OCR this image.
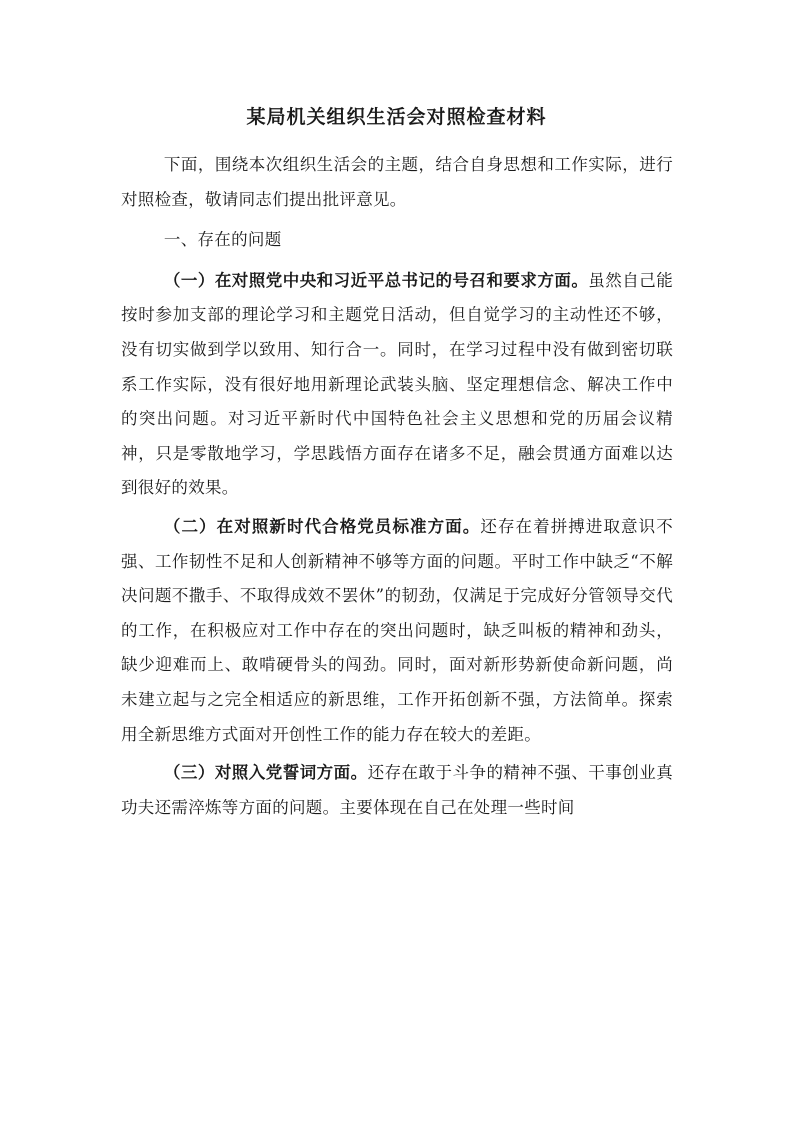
某局机关组织生活会对照检查材料

下面，围绕本次组织生活会的主题，结合自身思想和工作实际，进行对照检查，敬请同志们提出批评意见。

一、存在的问题

（一）在对照党中央和习近平总书记的号召和要求方面。虽然自己能按时参加支部的理论学习和主题党日活动，但自觉学习的主动性还不够，没有切实做到学以致用、知行合一。同时，在学习过程中没有做到密切联系工作实际，没有很好地用新理论武装头脑、坚定理想信念、解决工作中的突出问题。对习近平新时代中国特色社会主义思想和党的历届会议精神，只是零散地学习，学思践悟方面存在诸多不足，融会贯通方面难以达到很好的效果。

（二）在对照新时代合格党员标准方面。还存在着拼搏进取意识不强、工作韧性不足和人创新精神不够等方面的问题。平时工作中缺乏“不解决问题不撒手、不取得成效不罢休”的韧劲，仅满足于完成好分管领导交代的工作，在积极应对工作中存在的突出问题时，缺乏叫板的精神和劲头，缺少迎难而上、敢啃硬骨头的闯劲。同时，面对新形势新使命新问题，尚未建立起与之完全相适应的新思维，工作开拓创新不强，方法简单。探索用全新思维方式面对开创性工作的能力存在较大的差距。

（三）对照入党誓词方面。还存在敢于斗争的精神不强、干事创业真功夫还需淬炼等方面的问题。主要体现在自己在处理一些时间
